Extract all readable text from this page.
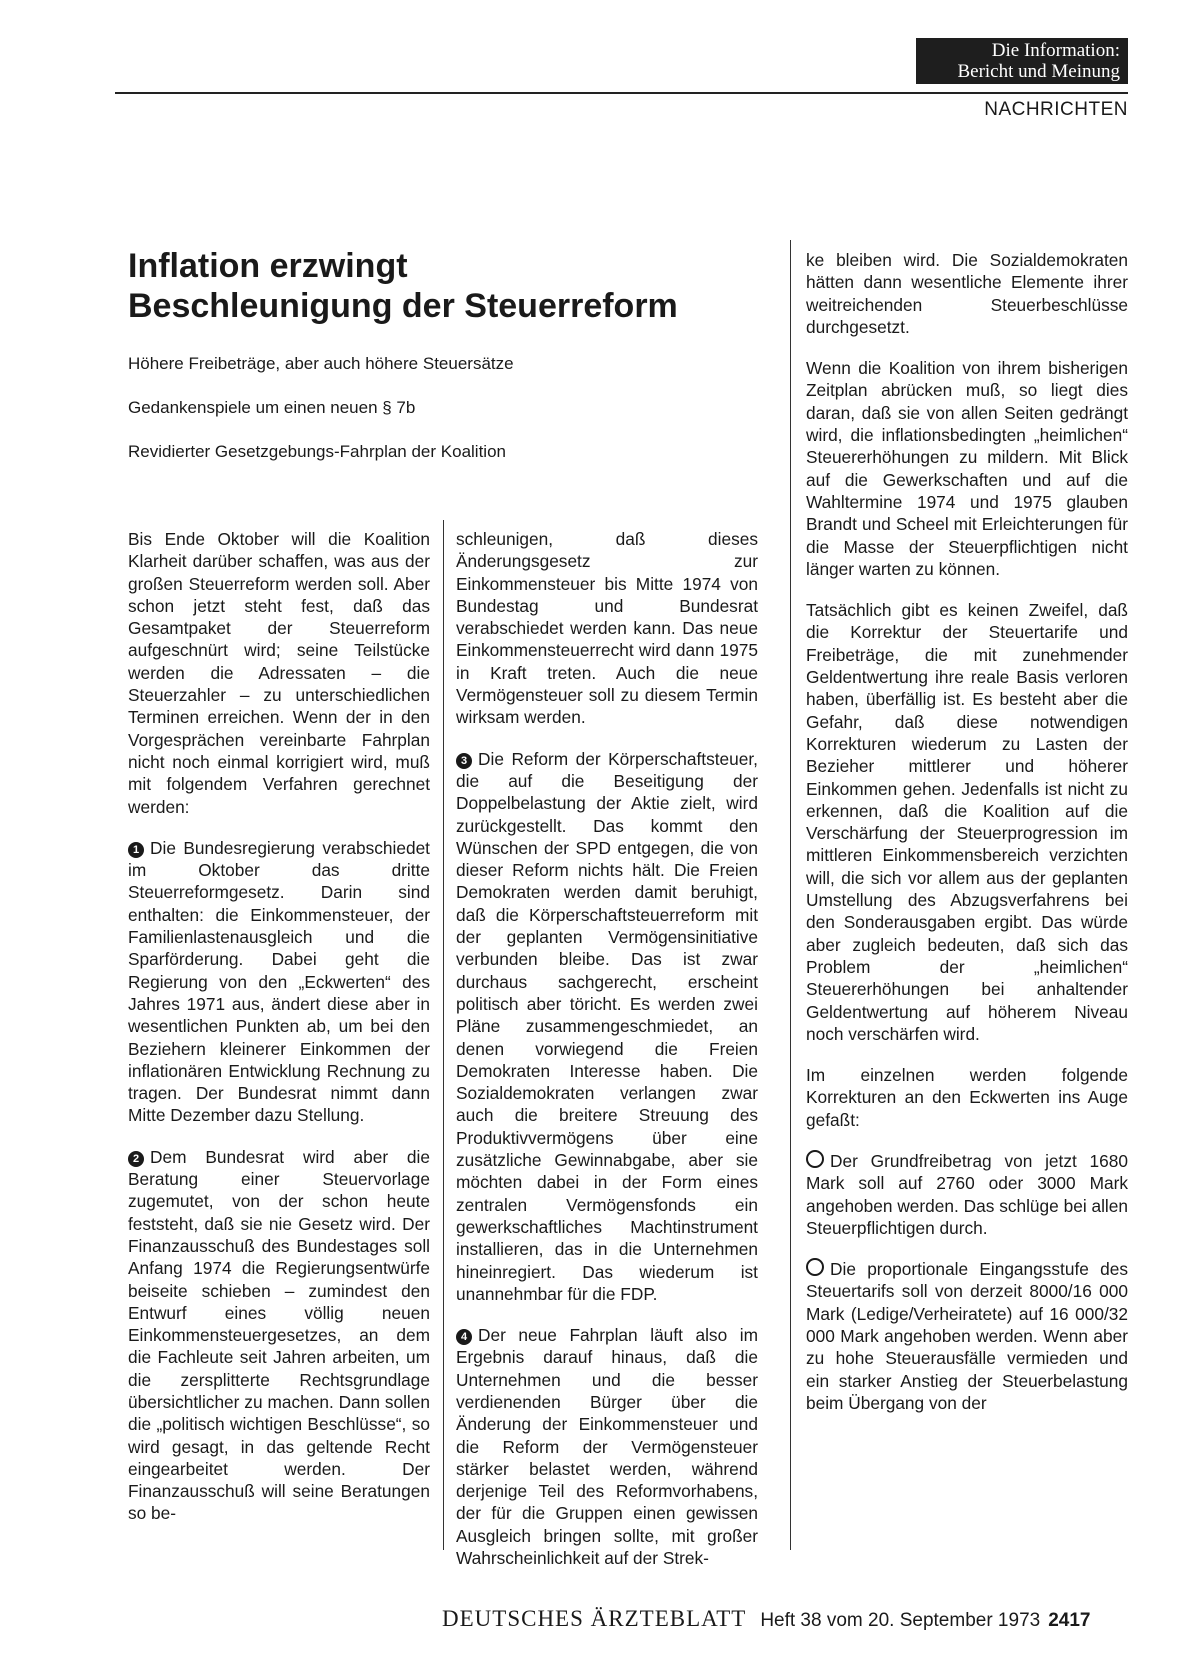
Die Information:
Bericht und Meinung
NACHRICHTEN
Inflation erzwingt
Beschleunigung der Steuerreform

Höhere Freibeträge, aber auch höhere Steuersätze

Gedankenspiele um einen neuen § 7b

Revidierter Gesetzgebungs-Fahrplan der Koalition

Bis Ende Oktober will die Koalition Klarheit darüber schaffen, was aus der großen Steuerreform werden soll. Aber schon jetzt steht fest, daß das Gesamtpaket der Steuerreform aufgeschnürt wird; seine Teilstücke werden die Adressaten – die Steuerzahler – zu unterschiedlichen Terminen erreichen. Wenn der in den Vorgesprächen vereinbarte Fahrplan nicht noch einmal korrigiert wird, muß mit folgendem Verfahren gerechnet werden:

1 Die Bundesregierung verabschiedet im Oktober das dritte Steuerreformgesetz. Darin sind enthalten: die Einkommensteuer, der Familienlastenausgleich und die Sparförderung. Dabei geht die Regierung von den „Eckwerten“ des Jahres 1971 aus, ändert diese aber in wesentlichen Punkten ab, um bei den Beziehern kleinerer Einkommen der inflationären Entwicklung Rechnung zu tragen. Der Bundesrat nimmt dann Mitte Dezember dazu Stellung.

2 Dem Bundesrat wird aber die Beratung einer Steuervorlage zugemutet, von der schon heute feststeht, daß sie nie Gesetz wird. Der Finanzausschuß des Bundestages soll Anfang 1974 die Regierungsentwürfe beiseite schieben – zumindest den Entwurf eines völlig neuen Einkommensteuergesetzes, an dem die Fachleute seit Jahren arbeiten, um die zersplitterte Rechtsgrundlage übersichtlicher zu machen. Dann sollen die „politisch wichtigen Beschlüsse“, so wird gesagt, in das geltende Recht eingearbeitet werden. Der Finanzausschuß will seine Beratungen so be-

schleunigen, daß dieses Änderungsgesetz zur Einkommensteuer bis Mitte 1974 von Bundestag und Bundesrat verabschiedet werden kann. Das neue Einkommensteuerrecht wird dann 1975 in Kraft treten. Auch die neue Vermögensteuer soll zu diesem Termin wirksam werden.

3 Die Reform der Körperschaftsteuer, die auf die Beseitigung der Doppelbelastung der Aktie zielt, wird zurückgestellt. Das kommt den Wünschen der SPD entgegen, die von dieser Reform nichts hält. Die Freien Demokraten werden damit beruhigt, daß die Körperschaftsteuerreform mit der geplanten Vermögensinitiative verbunden bleibe. Das ist zwar durchaus sachgerecht, erscheint politisch aber töricht. Es werden zwei Pläne zusammengeschmiedet, an denen vorwiegend die Freien Demokraten Interesse haben. Die Sozialdemokraten verlangen zwar auch die breitere Streuung des Produktivvermögens über eine zusätzliche Gewinnabgabe, aber sie möchten dabei in der Form eines zentralen Vermögensfonds ein gewerkschaftliches Machtinstrument installieren, das in die Unternehmen hineinregiert. Das wiederum ist unannehmbar für die FDP.

4 Der neue Fahrplan läuft also im Ergebnis darauf hinaus, daß die Unternehmen und die besser verdienenden Bürger über die Änderung der Einkommensteuer und die Reform der Vermögensteuer stärker belastet werden, während derjenige Teil des Reformvorhabens, der für die Gruppen einen gewissen Ausgleich bringen sollte, mit großer Wahrscheinlichkeit auf der Strek-

ke bleiben wird. Die Sozialdemokraten hätten dann wesentliche Elemente ihrer weitreichenden Steuerbeschlüsse durchgesetzt.

Wenn die Koalition von ihrem bisherigen Zeitplan abrücken muß, so liegt dies daran, daß sie von allen Seiten gedrängt wird, die inflationsbedingten „heimlichen“ Steuererhöhungen zu mildern. Mit Blick auf die Gewerkschaften und auf die Wahltermine 1974 und 1975 glauben Brandt und Scheel mit Erleichterungen für die Masse der Steuerpflichtigen nicht länger warten zu können.

Tatsächlich gibt es keinen Zweifel, daß die Korrektur der Steuertarife und Freibeträge, die mit zunehmender Geldentwertung ihre reale Basis verloren haben, überfällig ist. Es besteht aber die Gefahr, daß diese notwendigen Korrekturen wiederum zu Lasten der Bezieher mittlerer und höherer Einkommen gehen. Jedenfalls ist nicht zu erkennen, daß die Koalition auf die Verschärfung der Steuerprogression im mittleren Einkommensbereich verzichten will, die sich vor allem aus der geplanten Umstellung des Abzugsverfahrens bei den Sonderausgaben ergibt. Das würde aber zugleich bedeuten, daß sich das Problem der „heimlichen“ Steuererhöhungen bei anhaltender Geldentwertung auf höherem Niveau noch verschärfen wird.

Im einzelnen werden folgende Korrekturen an den Eckwerten ins Auge gefaßt:

Der Grundfreibetrag von jetzt 1680 Mark soll auf 2760 oder 3000 Mark angehoben werden. Das schlüge bei allen Steuerpflichtigen durch.

Die proportionale Eingangsstufe des Steuertarifs soll von derzeit 8000/16 000 Mark (Ledige/Verheiratete) auf 16 000/32 000 Mark angehoben werden. Wenn aber zu hohe Steuerausfälle vermieden und ein starker Anstieg der Steuerbelastung beim Übergang von der

DEUTSCHES ÄRZTEBLATT Heft 38 vom 20. September 1973 2417
